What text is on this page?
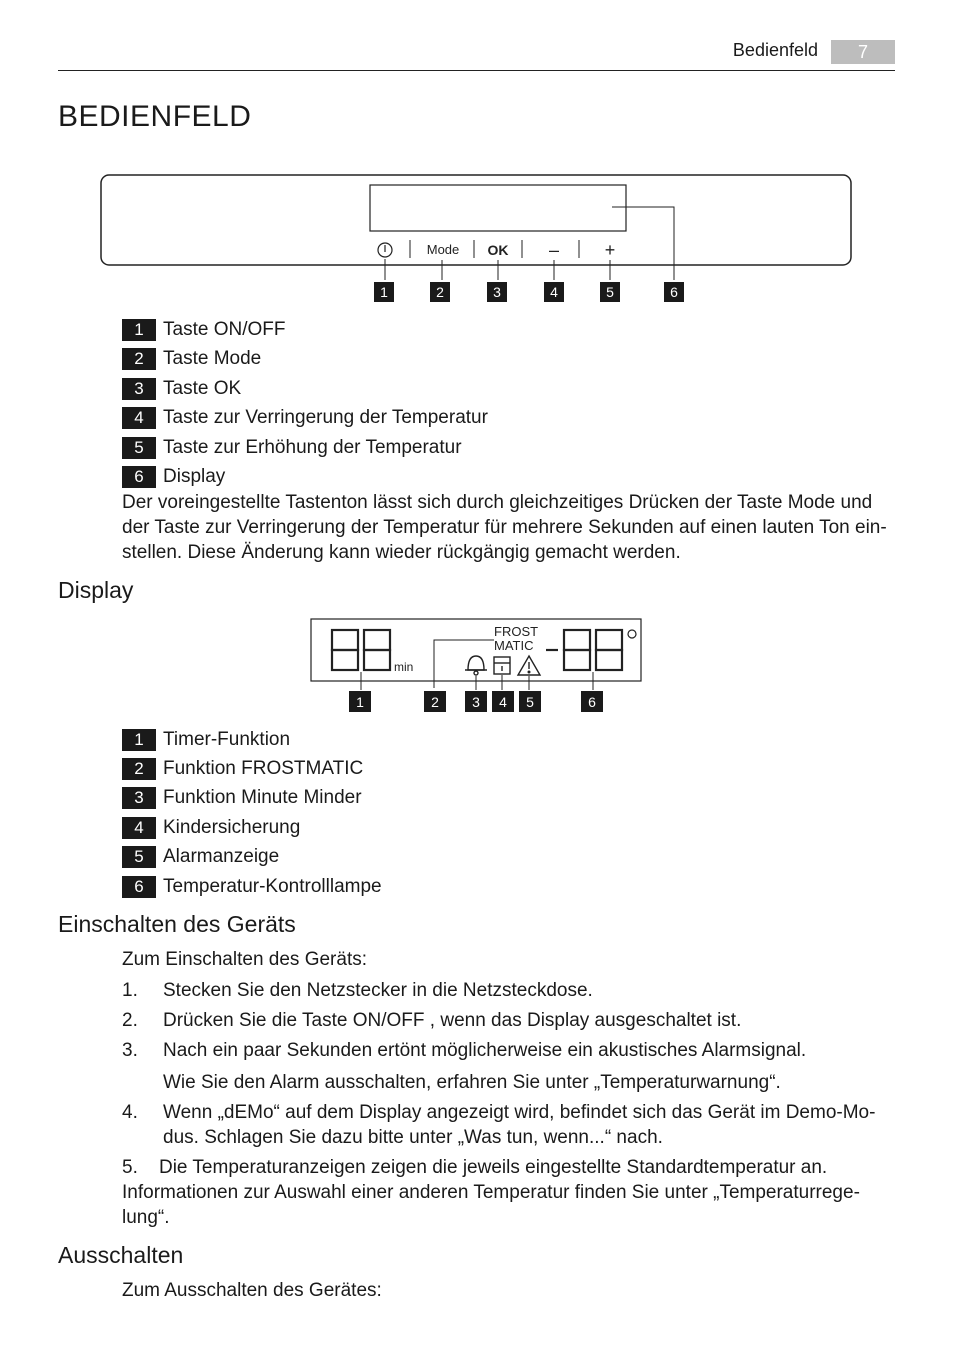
Bedienfeld	7
BEDIENFELD
Mode OK –	+
1	2	3	4	5	6
1 Taste ON/OFF
2 Taste Mode
3 Taste OK
4 Taste zur Verringerung der Temperatur
5 Taste zur Erhöhung der Temperatur
6 Display

Der voreingestellte Tastenton lässt sich durch gleichzeitiges Drücken der Taste Mode und der Taste zur Verringerung der Temperatur für mehrere Sekunden auf einen lauten Ton ein-stellen. Diese Änderung kann wieder rückgängig gemacht werden.

Display
min
FROST
MATIC
1	2 3 4 5	6
1 Timer-Funktion
2 Funktion FROSTMATIC
3 Funktion Minute Minder
4 Kindersicherung
5 Alarmanzeige
6 Temperatur-Kontrolllampe
Einschalten des Geräts

Zum Einschalten des Geräts:

1.	Stecken Sie den Netzstecker in die Netzsteckdose.
2.	Drücken Sie die Taste ON/OFF , wenn das Display ausgeschaltet ist.
3.	Nach ein paar Sekunden ertönt möglicherweise ein akustisches Alarmsignal.

Wie Sie den Alarm ausschalten, erfahren Sie unter „Temperaturwarnung“.

4.	Wenn „dEMo“ auf dem Display angezeigt wird, befindet sich das Gerät im Demo-Mo-dus. Schlagen Sie dazu bitte unter „Was tun, wenn...“ nach.
5. Die Temperaturanzeigen zeigen die jeweils eingestellte Standardtemperatur an. Informationen zur Auswahl einer anderen Temperatur finden Sie unter „Temperaturrege-lung“.
Ausschalten

Zum Ausschalten des Gerätes:
